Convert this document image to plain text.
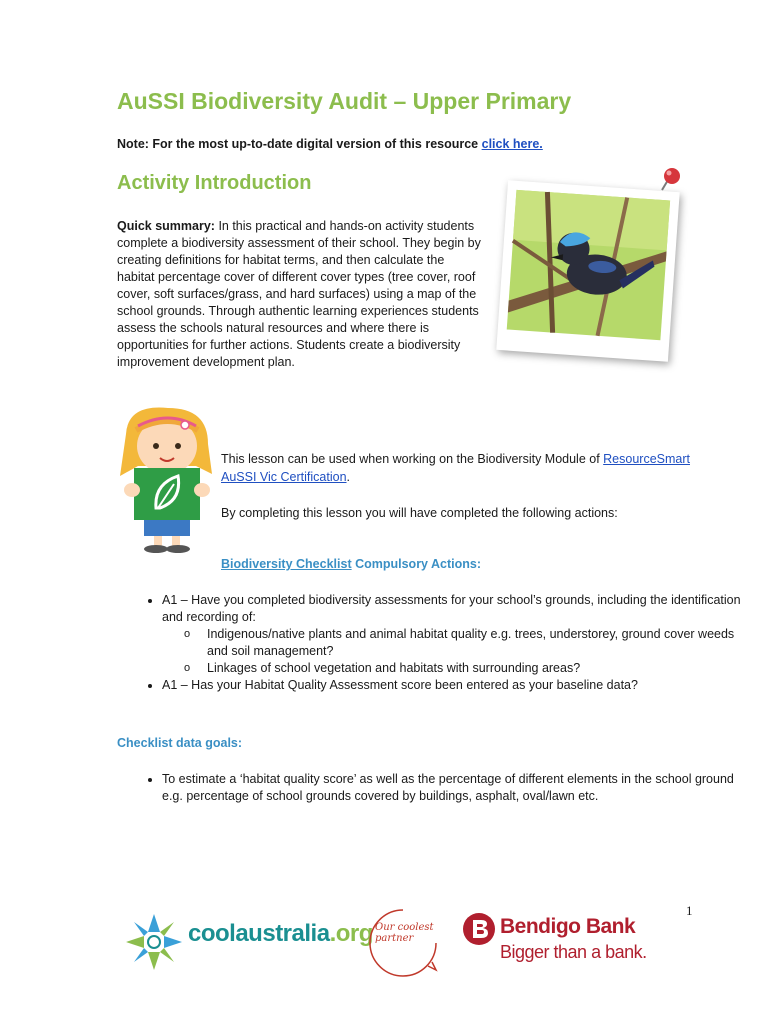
AuSSI Biodiversity Audit – Upper Primary
Note: For the most up-to-date digital version of this resource click here.
Activity Introduction
Quick summary: In this practical and hands-on activity students complete a biodiversity assessment of their school. They begin by creating definitions for habitat terms, and then calculate the habitat percentage cover of different cover types (tree cover, roof cover, soft surfaces/grass, and hard surfaces) using a map of the school grounds. Through authentic learning experiences students assess the schools natural resources and where there is opportunities for further actions. Students create a biodiversity improvement development plan.

This lesson can be used when working on the Biodiversity Module of ResourceSmart AuSSI Vic Certification.

By completing this lesson you will have completed the following actions:

Biodiversity Checklist Compulsory Actions:
• A1 – Have you completed biodiversity assessments for your school’s grounds, including the identification and recording of:
o Indigenous/native plants and animal habitat quality e.g. trees, understorey, ground cover weeds and soil management?
o Linkages of school vegetation and habitats with surrounding areas?
• A1 – Has your Habitat Quality Assessment score been entered as your baseline data?
Checklist data goals:
• To estimate a ‘habitat quality score’ as well as the percentage of different elements in the school ground e.g. percentage of school grounds covered by buildings, asphalt, oval/lawn etc.
1
coolaustralia.org Our coolest
partner
Bendigo Bank
Bigger than a bank.
